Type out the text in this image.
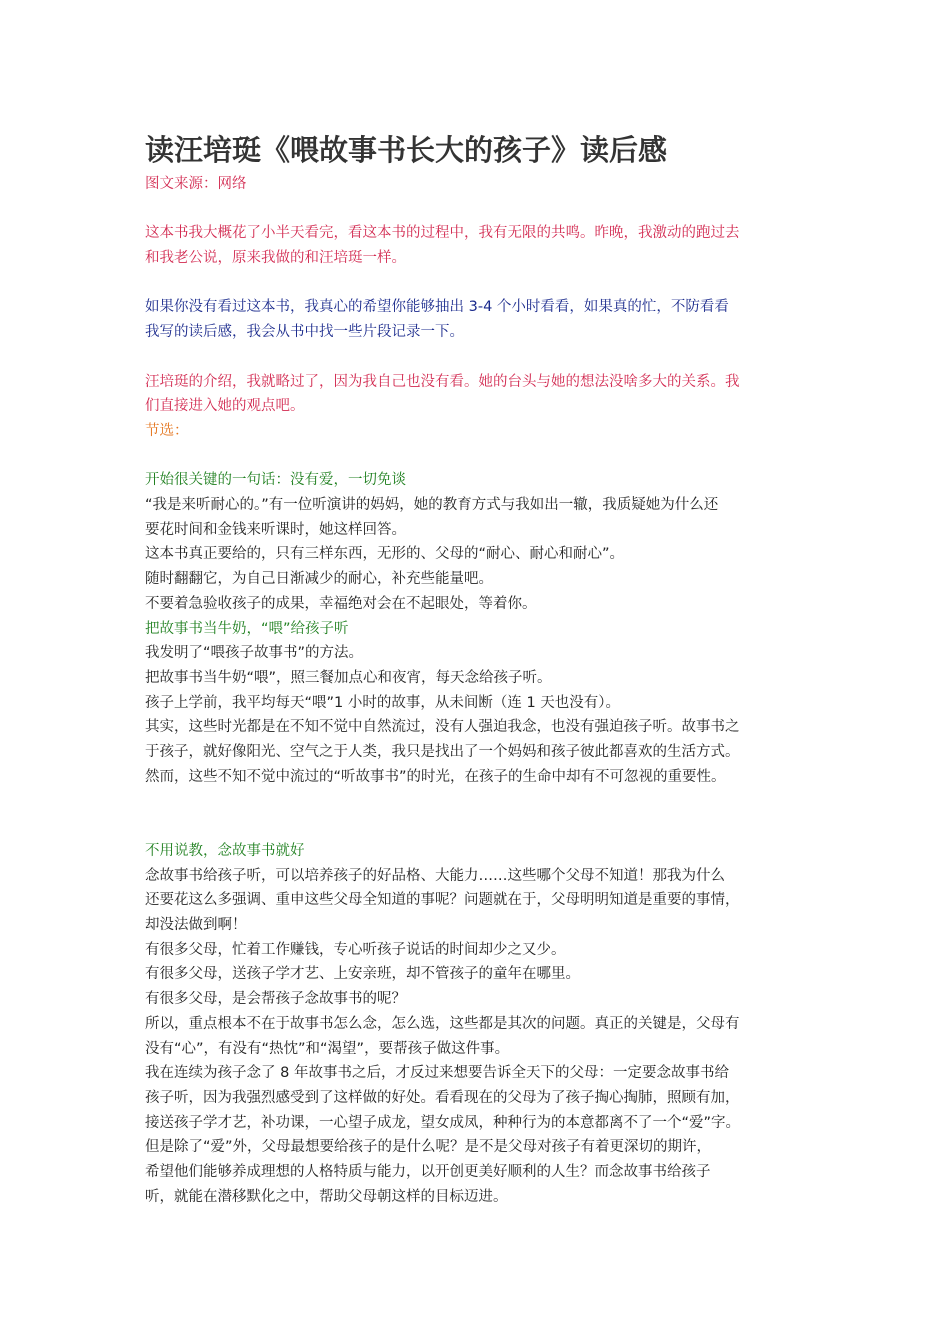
读汪培珽《喂故事书长大的孩子》读后感

图文来源：网络

这本书我大概花了小半天看完，看这本书的过程中，我有无限的共鸣。昨晚，我激动的跑过去

和我老公说，原来我做的和汪培珽一样。

如果你没有看过这本书，我真心的希望你能够抽出 3-4 个小时看看，如果真的忙，不防看看

我写的读后感，我会从书中找一些片段记录一下。

汪培珽的介绍，我就略过了，因为我自己也没有看。她的台头与她的想法没啥多大的关系。我

们直接进入她的观点吧。

节选：

开始很关键的一句话：没有爱，一切免谈

“我是来听耐心的。”有一位听演讲的妈妈，她的教育方式与我如出一辙，我质疑她为什么还

要花时间和金钱来听课时，她这样回答。

这本书真正要给的，只有三样东西，无形的、父母的“耐心、耐心和耐心”。

随时翻翻它，为自己日渐减少的耐心，补充些能量吧。

不要着急验收孩子的成果，幸福绝对会在不起眼处，等着你。

把故事书当牛奶，“喂”给孩子听

我发明了“喂孩子故事书”的方法。

把故事书当牛奶“喂”，照三餐加点心和夜宵，每天念给孩子听。

孩子上学前，我平均每天“喂”1 小时的故事，从未间断（连 1 天也没有）。

其实，这些时光都是在不知不觉中自然流过，没有人强迫我念，也没有强迫孩子听。故事书之

于孩子，就好像阳光、空气之于人类，我只是找出了一个妈妈和孩子彼此都喜欢的生活方式。

然而，这些不知不觉中流过的“听故事书”的时光，在孩子的生命中却有不可忽视的重要性。

不用说教，念故事书就好

念故事书给孩子听，可以培养孩子的好品格、大能力……这些哪个父母不知道！那我为什么

还要花这么多强调、重申这些父母全知道的事呢？问题就在于，父母明明知道是重要的事情，

却没法做到啊！

有很多父母，忙着工作赚钱，专心听孩子说话的时间却少之又少。

有很多父母，送孩子学才艺、上安亲班，却不管孩子的童年在哪里。

有很多父母，是会帮孩子念故事书的呢？

所以，重点根本不在于故事书怎么念，怎么选，这些都是其次的问题。真正的关键是，父母有

没有“心”，有没有“热忱”和“渴望”，要帮孩子做这件事。

我在连续为孩子念了 8 年故事书之后，才反过来想要告诉全天下的父母：一定要念故事书给

孩子听，因为我强烈感受到了这样做的好处。看看现在的父母为了孩子掏心掏肺，照顾有加，

接送孩子学才艺，补功课，一心望子成龙，望女成凤，种种行为的本意都离不了一个“爱”字。

但是除了“爱”外，父母最想要给孩子的是什么呢？是不是父母对孩子有着更深切的期许，

希望他们能够养成理想的人格特质与能力，以开创更美好顺利的人生？而念故事书给孩子

听，就能在潜移默化之中，帮助父母朝这样的目标迈进。
